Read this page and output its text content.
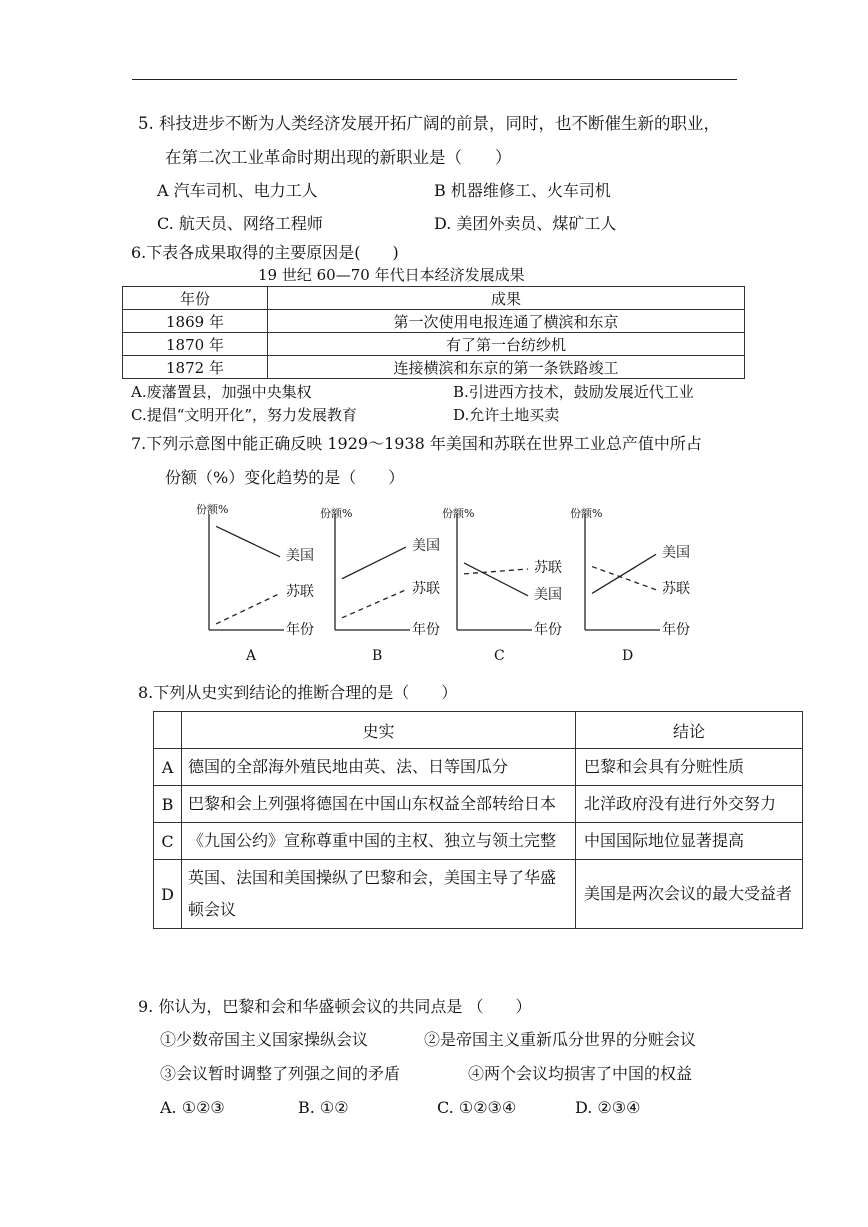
5. 科技进步不断为人类经济发展开拓广阔的前景，同时，也不断催生新的职业，
在第二次工业革命时期出现的新职业是（　　）
A 汽车司机、电力工人	B 机器维修工、火车司机
C. 航天员、网络工程师	D. 美团外卖员、煤矿工人
6.下表各成果取得的主要原因是(　　)
19 世纪 60—70 年代日本经济发展成果
年份	成果
1869 年	第一次使用电报连通了横滨和东京
1870 年	有了第一台纺纱机
1872 年	连接横滨和东京的第一条铁路竣工
A.废藩置县，加强中央集权	B.引进西方技术，鼓励发展近代工业
C.提倡“文明开化”，努力发展教育	D.允许土地买卖
7.下列示意图中能正确反映 1929～1938 年美国和苏联在世界工业总产值中所占
份额（%）变化趋势的是（　　）
份额%
年份
美国
苏联
A
份额%
年份
美国
苏联
B
份额%
年份
美国
苏联
C
份额%
年份
美国
苏联
D
8.下列从史实到结论的推断合理的是（　　）
	史实	结论
A	德国的全部海外殖民地由英、法、日等国瓜分	巴黎和会具有分赃性质
B	巴黎和会上列强将德国在中国山东权益全部转给日本	北洋政府没有进行外交努力
C	《九国公约》宣称尊重中国的主权、独立与领土完整	中国国际地位显著提高
D	英国、法国和美国操纵了巴黎和会，美国主导了华盛顿会议	美国是两次会议的最大受益者
9. 你认为，巴黎和会和华盛顿会议的共同点是 （　　）
①少数帝国主义国家操纵会议	②是帝国主义重新瓜分世界的分赃会议
③会议暂时调整了列强之间的矛盾	④两个会议均损害了中国的权益
A. ①②③	B. ①②	C. ①②③④	D. ②③④
